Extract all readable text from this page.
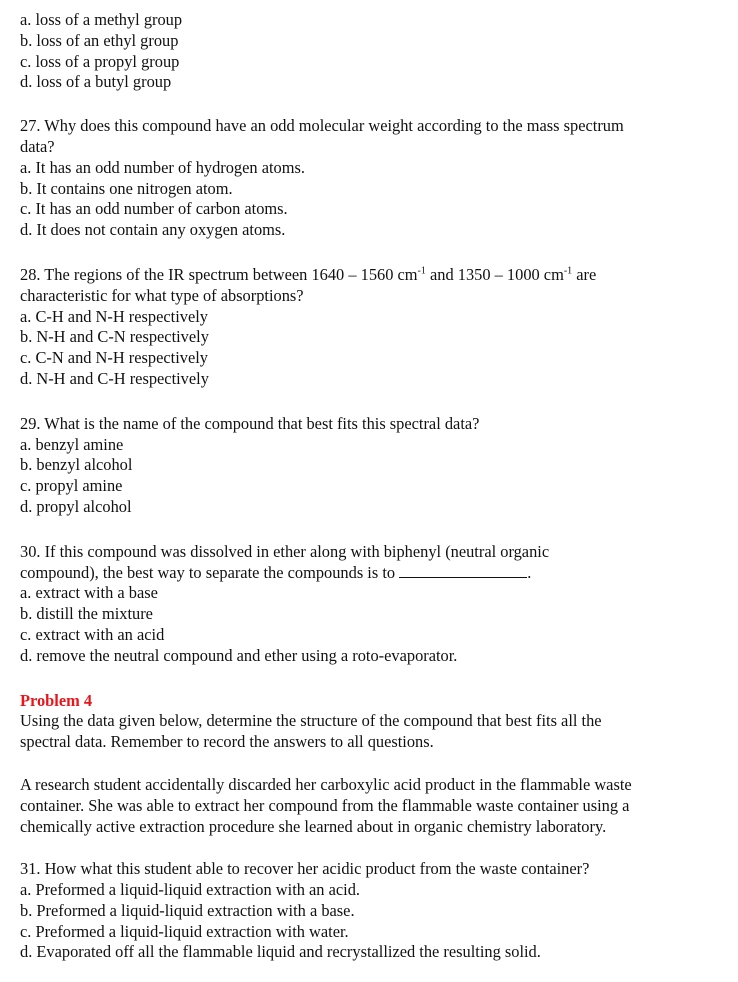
a. loss of a methyl group
b. loss of an ethyl group
c. loss of a propyl group
d. loss of a butyl group
27. Why does this compound have an odd molecular weight according to the mass spectrum
data?
a. It has an odd number of hydrogen atoms.
b. It contains one nitrogen atom.
c. It has an odd number of carbon atoms.
d. It does not contain any oxygen atoms.
28. The regions of the IR spectrum between 1640 – 1560 $cm^{-1}$ and 1350 – 1000 $cm^{-1}$ are
characteristic for what type of absorptions?
a. C-H and N-H respectively
b. N-H and C-N respectively
c. C-N and N-H respectively
d. N-H and C-H respectively
29. What is the name of the compound that best fits this spectral data?
a. benzyl amine
b. benzyl alcohol
c. propyl amine
d. propyl alcohol
30. If this compound was dissolved in ether along with biphenyl (neutral organic
compound), the best way to separate the compounds is to	.
a. extract with a base
b. distill the mixture
c. extract with an acid
d. remove the neutral compound and ether using a roto-evaporator.
Problem 4
Using the data given below, determine the structure of the compound that best fits all the
spectral data. Remember to record the answers to all questions.
A research student accidentally discarded her carboxylic acid product in the flammable waste
container. She was able to extract her compound from the flammable waste container using a
chemically active extraction procedure she learned about in organic chemistry laboratory.
31. How what this student able to recover her acidic product from the waste container?
a. Preformed a liquid-liquid extraction with an acid.
b. Preformed a liquid-liquid extraction with a base.
c. Preformed a liquid-liquid extraction with water.
d. Evaporated off all the flammable liquid and recrystallized the resulting solid.
